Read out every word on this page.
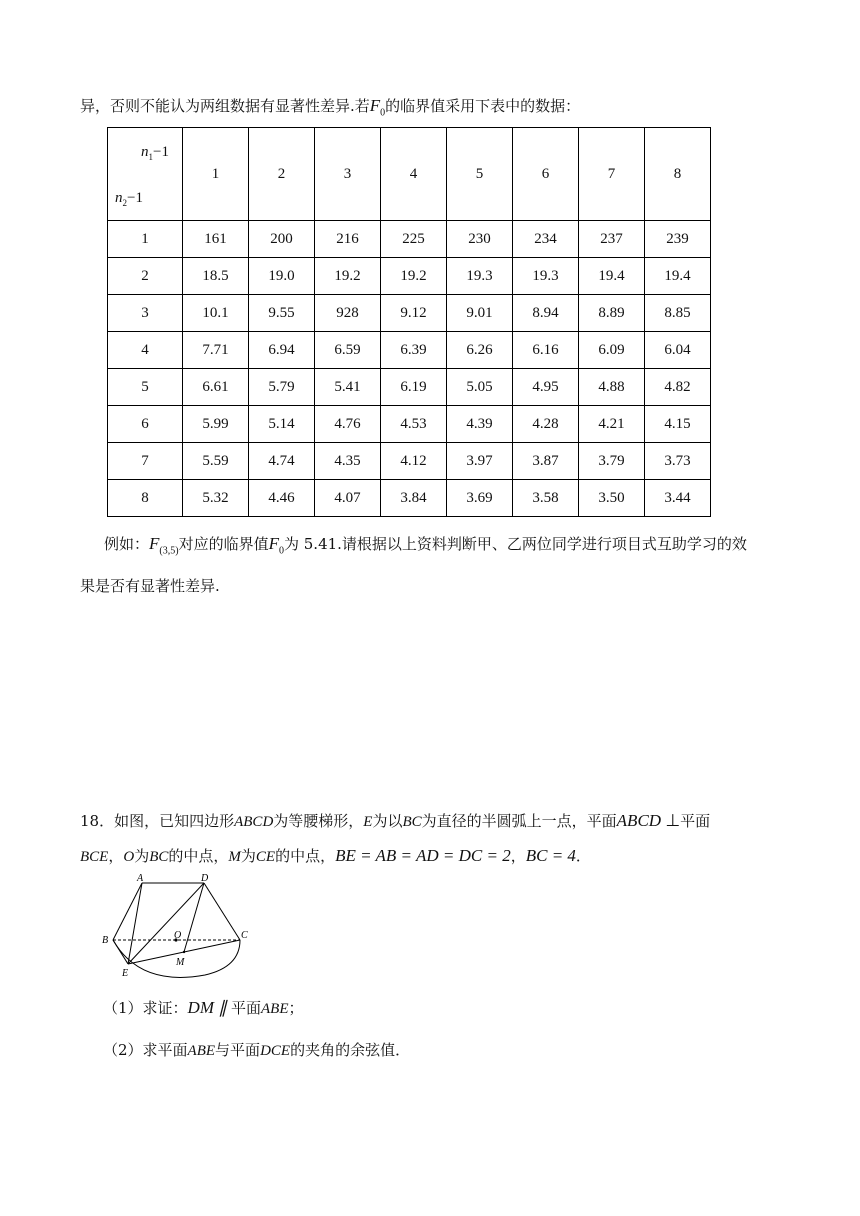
异，否则不能认为两组数据有显著性差异.若$F_0$的临界值采用下表中的数据：
$n_1-1$
$n_2-1$	1	2	3	4	5	6	7	8
1	161	200	216	225	230	234	237	239
2	18.5	19.0	19.2	19.2	19.3	19.3	19.4	19.4
3	10.1	9.55	928	9.12	9.01	8.94	8.89	8.85
4	7.71	6.94	6.59	6.39	6.26	6.16	6.09	6.04
5	6.61	5.79	5.41	6.19	5.05	4.95	4.88	4.82
6	5.99	5.14	4.76	4.53	4.39	4.28	4.21	4.15
7	5.59	4.74	4.35	4.12	3.97	3.87	3.79	3.73
8	5.32	4.46	4.07	3.84	3.69	3.58	3.50	3.44
例如：$F_{(3,5)}$对应的临界值$F_0$为 5.41.请根据以上资料判断甲、乙两位同学进行项目式互助学习的效
果是否有显著性差异.
18．如图，已知四边形ABCD为等腰梯形，E为以BC为直径的半圆弧上一点，平面ABCD ⊥平面
BCE，O为BC的中点，M为CE的中点，BE = AB = AD = DC = 2，BC = 4．
A	D
B	C
O
M
E
（1）求证：DM ∥ 平面ABE；
（2）求平面ABE与平面DCE的夹角的余弦值．
